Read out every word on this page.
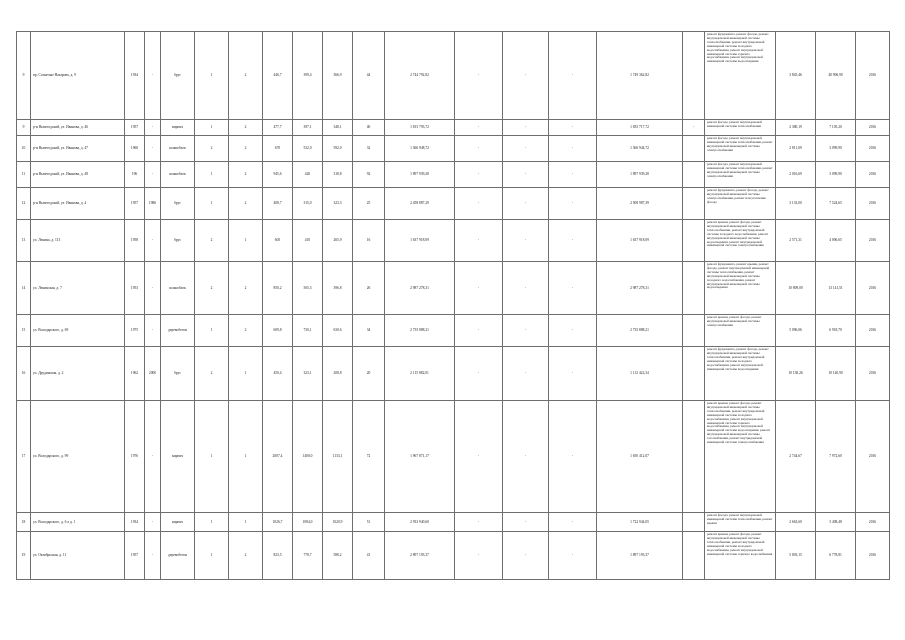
9	пр. Солнечно-Назарова, д. 9	1934	-	брус	1	2	446,7	399,4	366,9	44	2 744 792,82	-	-	-	1 749 362,82		ремонт фундамента, ремонт фасада, ремонт внутридомовой инженерной системы теплоснабжения, ремонт внутридомовой инженерной системы холодного водоснабжения, ремонт внутридомовой инженерной системы горячего водоснабжения, ремонт внутридомовой инженерной системы водоотведения	3 845,46	40 906,90	2016
9	р-н Вычегодский, ул. Иванова, д. 46	1957	-	кирпич	1	2	477,7	397,1	348,1	40	1 815 793,72	-	-	-	1 835 717,72	-	ремонт фасада, ремонт внутридомовой инженерной системы теплоснабжения	2 380,19	7 105,20	2016
10	р-н Вычегодский, ул. Иванова, д. 47	1960	-	шлакоблок	2	2	670	532,0	592,0	32	1 366 948,72	-	-	-	1 366 944,72		ремонт фасада, ремонт внутридомовой инженерной системы теплоснабжения, ремонт внутридомовой инженерной системы электроснабжения	2 811,09	3 099,90	2016
11	р-н Вычегодский, ул. Иванова, д. 48	196	-	шлакоблок	1	2	945,6	420	318,8	92	1 897 939,28	-	-	-	1 897 939,28		ремонт фасада, ремонт внутридомовой инженерной системы теплоснабжения, ремонт внутридомовой инженерной системы электроснабжения	2 016,69	3 099,90	2016
12	р-н Вычегодский, ул. Иванова, д. 4	1957	1986	брус	1	2	408,7	315,0	323,3	25	2 458 887,29	-	-	-	2 508 987,39		ремонт фундамента, ремонт фасада, ремонт внутридомовой инженерной системы электроснабжения, ремонт или утепление фасада	3 133,00	7 524,65	2016
13	ул. Ленина, д. 113	1958	-	брус	2	1	605	410	265,9	16	1 637 918,09	-	-	-	1 637 918,09		ремонт крыши, ремонт фасада, ремонт внутридомовой инженерной системы теплоснабжения, ремонт внутридомовой системы холодного водоснабжения, ремонт внутридомовой инженерной системы водоотведения, ремонт внутридомовой инженерной системы электроснабжения	2 571,31	4 006,65	2016
14	ул. Ленинская, д. 7	1953	-	шлакоблок	2	2	850,2	565,3	396,8	26	2 987 278,31	-	-	-	2 987 278,31		ремонт фундамента, ремонт крыши, ремонт фасада, ремонт внутридомовой инженерной системы теплоснабжения, ремонт внутридомовой инженерной системы холодного водоснабжения, ремонт внутридомовой инженерной системы водоотведения	10 809,00	13 141,51	2016
15	ул. Володарского, д. 69	1975	-	деревобетон	1	2	609,8	730,1	630,6	34	2 735 888,21	-	-	-	2 735 888,21		ремонт крыши, ремонт фасада, ремонт внутридомовой инженерной системы электроснабжения	5 096,06	6 918,70	2016
16	ул. Друдинская, д. 2	1962	2000	брус	2	1	450,4	323,1	208,8	20	2 115 882,01	-	-	-	1 112 422,34		ремонт фундамента, ремонт фасада, ремонт внутридомовой инженерной системы теплоснабжения, ремонт внутридомовой инженерной системы холодного водоснабжения, ремонт внутридомовой инженерной системы водоотведения	10 138,26	10 140,90	2016
17	ул. Володарского, д. 99	1976	-	кирпич	1	1	2007,4	1400,0	1133,1	72	1 967 871,17	-	-	-	1 650 412,07		ремонт крыши, ремонт фасада, ремонт внутридомовой инженерной системы теплоснабжения, ремонт внутридомовой инженерной системы холодного водоснабжения, ремонт внутридомовой инженерной системы горячего водоснабжения, ремонт внутридомовой инженерной системы водоотведения, ремонт внутридомовой инженерной системы газоснабжения, ремонт внутридомовой инженерной системы электроснабжения	2 744,67	7 972,60	2016
18	ул. Володарского, д. 6 а д. 1	1934	-	кирпич	1	1	1026,7	1084,0	1020,9	51	2 933 940,60	-	-	-	1 722 944,05		ремонт фасада, ремонт внутридомовой инженерной системы теплоснабжения, ремонт крыши	2 663,60	3 408,48	2016
19	ул. Октябрьская, д. 11	1957	-	деревобетон	1	2	823,5	778,7	588,2	41	2 897 193,37	-	-	-	1 897 193,37		ремонт крыши, ремонт фасада, ремонт внутридомовой инженерной системы теплоснабжения, ремонт внутридомовой инженерной системы холодного водоснабжения, ремонт внутридомовой инженерной системы горячего водоснабжения	5 803,15	6 778,81	2016
